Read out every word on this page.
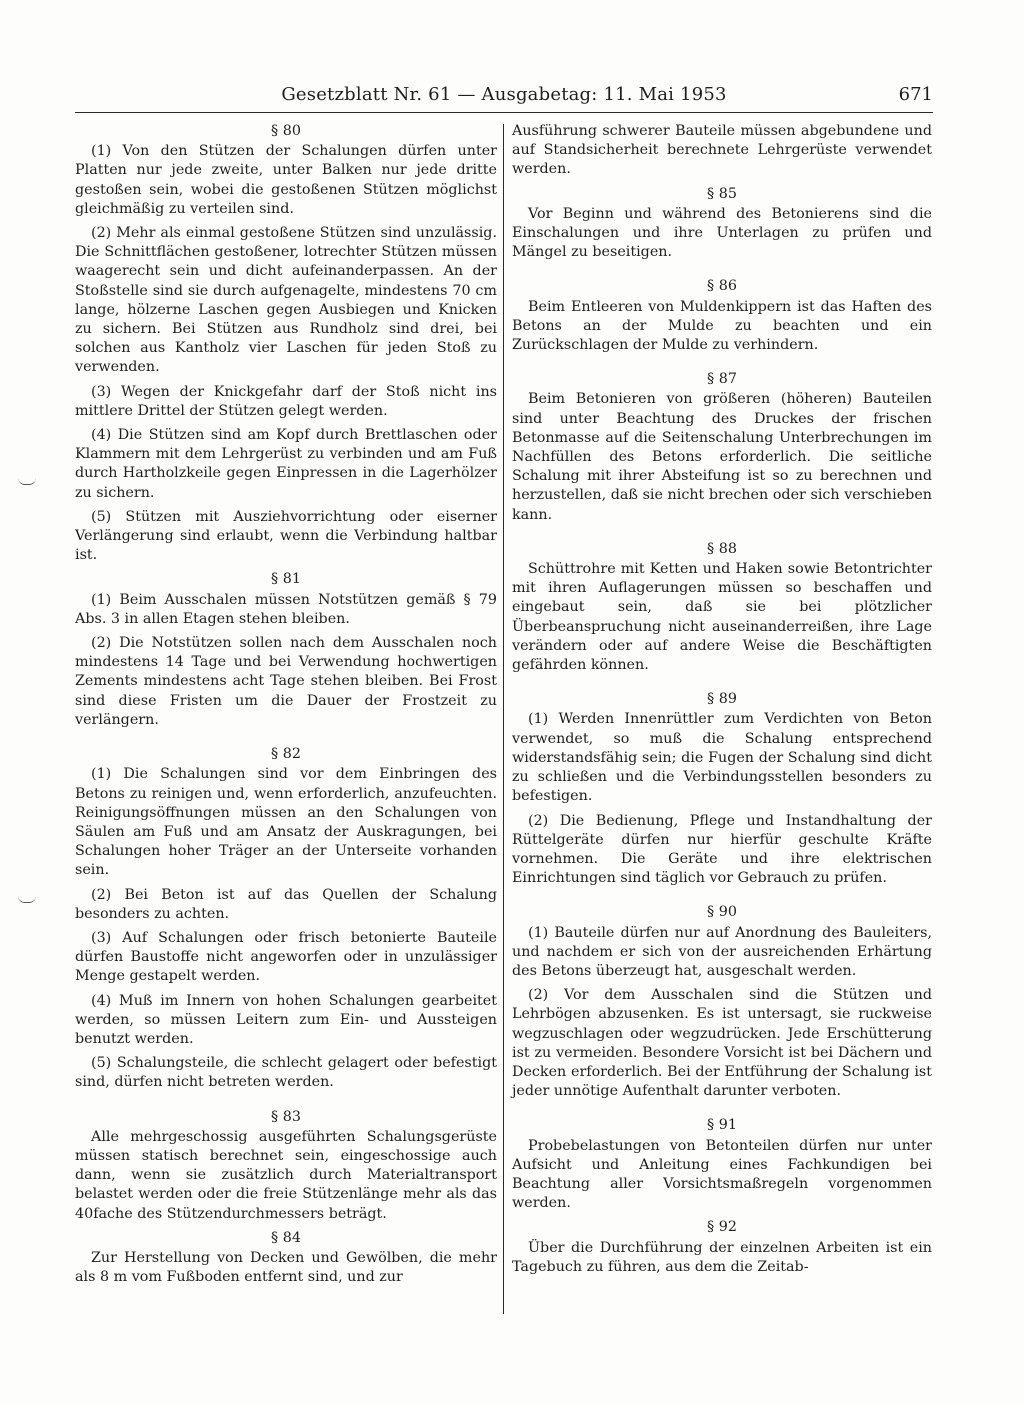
Gesetzblatt Nr. 61 — Ausgabetag: 11. Mai 1953	671
§ 80

(1) Von den Stützen der Schalungen dürfen unter Platten nur jede zweite, unter Balken nur jede dritte gestoßen sein, wobei die gestoßenen Stützen möglichst gleichmäßig zu verteilen sind.

(2) Mehr als einmal gestoßene Stützen sind unzulässig. Die Schnittflächen gestoßener, lotrechter Stützen müssen waagerecht sein und dicht aufeinanderpassen. An der Stoßstelle sind sie durch aufgenagelte, mindestens 70 cm lange, hölzerne Laschen gegen Ausbiegen und Knicken zu sichern. Bei Stützen aus Rundholz sind drei, bei solchen aus Kantholz vier Laschen für jeden Stoß zu verwenden.

(3) Wegen der Knickgefahr darf der Stoß nicht ins mittlere Drittel der Stützen gelegt werden.

(4) Die Stützen sind am Kopf durch Brettlaschen oder Klammern mit dem Lehrgerüst zu verbinden und am Fuß durch Hartholzkeile gegen Einpressen in die Lagerhölzer zu sichern.

(5) Stützen mit Ausziehvorrichtung oder eiserner Verlängerung sind erlaubt, wenn die Verbindung haltbar ist.

§ 81

(1) Beim Ausschalen müssen Notstützen gemäß § 79 Abs. 3 in allen Etagen stehen bleiben.

(2) Die Notstützen sollen nach dem Ausschalen noch mindestens 14 Tage und bei Verwendung hochwertigen Zements mindestens acht Tage stehen bleiben. Bei Frost sind diese Fristen um die Dauer der Frostzeit zu verlängern.

§ 82

(1) Die Schalungen sind vor dem Einbringen des Betons zu reinigen und, wenn erforderlich, anzufeuchten. Reinigungsöffnungen müssen an den Schalungen von Säulen am Fuß und am Ansatz der Auskragungen, bei Schalungen hoher Träger an der Unterseite vorhanden sein.

(2) Bei Beton ist auf das Quellen der Schalung besonders zu achten.

(3) Auf Schalungen oder frisch betonierte Bauteile dürfen Baustoffe nicht angeworfen oder in unzulässiger Menge gestapelt werden.

(4) Muß im Innern von hohen Schalungen gearbeitet werden, so müssen Leitern zum Ein- und Aussteigen benutzt werden.

(5) Schalungsteile, die schlecht gelagert oder befestigt sind, dürfen nicht betreten werden.

§ 83

Alle mehrgeschossig ausgeführten Schalungsgerüste müssen statisch berechnet sein, eingeschossige auch dann, wenn sie zusätzlich durch Materialtransport belastet werden oder die freie Stützenlänge mehr als das 40fache des Stützendurchmessers beträgt.

§ 84

Zur Herstellung von Decken und Gewölben, die mehr als 8 m vom Fußboden entfernt sind, und zur

Ausführung schwerer Bauteile müssen abgebundene und auf Standsicherheit berechnete Lehrgerüste verwendet werden.

§ 85

Vor Beginn und während des Betonierens sind die Einschalungen und ihre Unterlagen zu prüfen und Mängel zu beseitigen.

§ 86

Beim Entleeren von Muldenkippern ist das Haften des Betons an der Mulde zu beachten und ein Zurückschlagen der Mulde zu verhindern.

§ 87

Beim Betonieren von größeren (höheren) Bauteilen sind unter Beachtung des Druckes der frischen Betonmasse auf die Seitenschalung Unterbrechungen im Nachfüllen des Betons erforderlich. Die seitliche Schalung mit ihrer Absteifung ist so zu berechnen und herzustellen, daß sie nicht brechen oder sich verschieben kann.

§ 88

Schüttrohre mit Ketten und Haken sowie Betontrichter mit ihren Auflagerungen müssen so beschaffen und eingebaut sein, daß sie bei plötzlicher Überbeanspruchung nicht auseinanderreißen, ihre Lage verändern oder auf andere Weise die Beschäftigten gefährden können.

§ 89

(1) Werden Innenrüttler zum Verdichten von Beton verwendet, so muß die Schalung entsprechend widerstandsfähig sein; die Fugen der Schalung sind dicht zu schließen und die Verbindungsstellen besonders zu befestigen.

(2) Die Bedienung, Pflege und Instandhaltung der Rüttelgeräte dürfen nur hierfür geschulte Kräfte vornehmen. Die Geräte und ihre elektrischen Einrichtungen sind täglich vor Gebrauch zu prüfen.

§ 90

(1) Bauteile dürfen nur auf Anordnung des Bauleiters, und nachdem er sich von der ausreichenden Erhärtung des Betons überzeugt hat, ausgeschalt werden.

(2) Vor dem Ausschalen sind die Stützen und Lehrbögen abzusenken. Es ist untersagt, sie ruckweise wegzuschlagen oder wegzudrücken. Jede Erschütterung ist zu vermeiden. Besondere Vorsicht ist bei Dächern und Decken erforderlich. Bei der Entführung der Schalung ist jeder unnötige Aufenthalt darunter verboten.

§ 91

Probebelastungen von Betonteilen dürfen nur unter Aufsicht und Anleitung eines Fachkundigen bei Beachtung aller Vorsichtsmaßregeln vorgenommen werden.

§ 92

Über die Durchführung der einzelnen Arbeiten ist ein Tagebuch zu führen, aus dem die Zeitab-
